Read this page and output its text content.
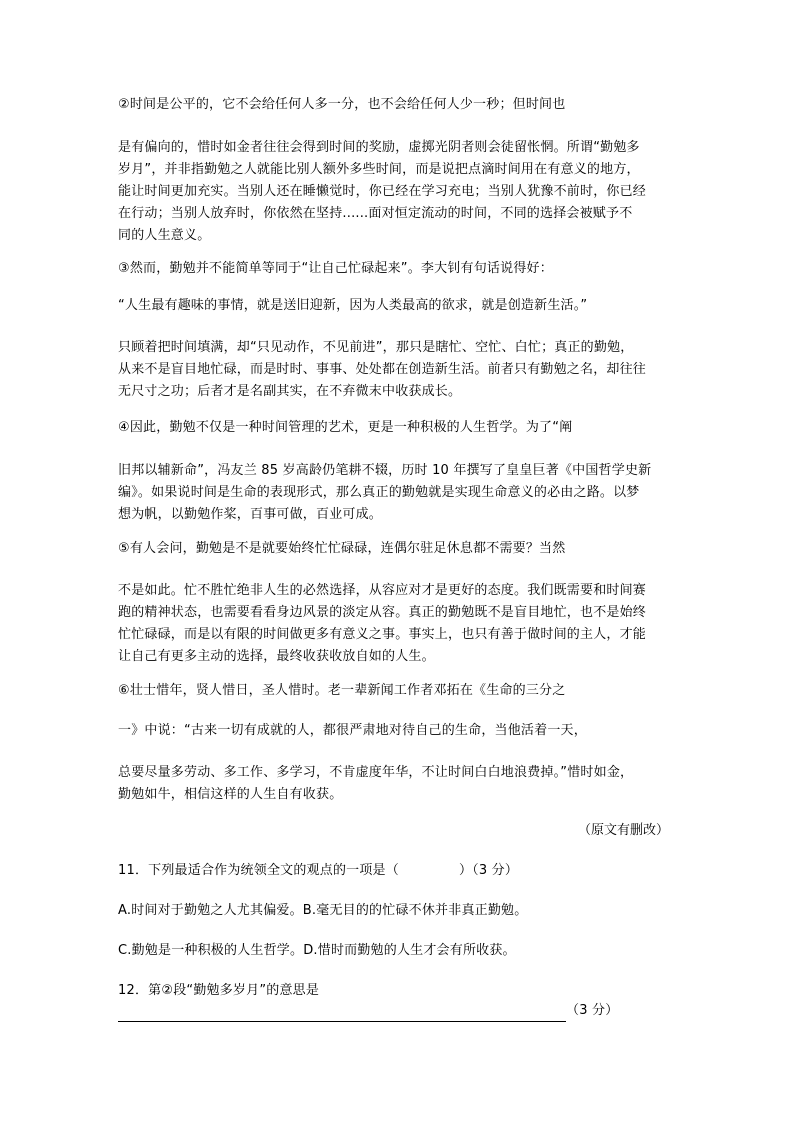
②时间是公平的，它不会给任何人多一分，也不会给任何人少一秒；但时间也
是有偏向的，惜时如金者往往会得到时间的奖励，虚掷光阴者则会徒留怅惘。所谓“勤勉多
岁月”，并非指勤勉之人就能比别人额外多些时间，而是说把点滴时间用在有意义的地方，
能让时间更加充实。当别人还在睡懒觉时，你已经在学习充电；当别人犹豫不前时，你已经
在行动；当别人放弃时，你依然在坚持......面对恒定流动的时间，不同的选择会被赋予不
同的人生意义。
③然而，勤勉并不能简单等同于“让自己忙碌起来”。李大钊有句话说得好：
“人生最有趣味的事情，就是送旧迎新，因为人类最高的欲求，就是创造新生活。”
只顾着把时间填满，却“只见动作，不见前进”，那只是瞎忙、空忙、白忙；真正的勤勉，
从来不是盲目地忙碌，而是时时、事事、处处都在创造新生活。前者只有勤勉之名，却往往
无尺寸之功；后者才是名副其实，在不弃微末中收获成长。
④因此，勤勉不仅是一种时间管理的艺术，更是一种积极的人生哲学。为了“阐
旧邦以辅新命”，冯友兰 85 岁高龄仍笔耕不辍，历时 10 年撰写了皇皇巨著《中国哲学史新
编》。如果说时间是生命的表现形式，那么真正的勤勉就是实现生命意义的必由之路。以梦
想为帆，以勤勉作桨，百事可做，百业可成。
⑤有人会问，勤勉是不是就要始终忙忙碌碌，连偶尔驻足休息都不需要？当然
不是如此。忙不胜忙绝非人生的必然选择，从容应对才是更好的态度。我们既需要和时间赛
跑的精神状态，也需要看看身边风景的淡定从容。真正的勤勉既不是盲目地忙，也不是始终
忙忙碌碌，而是以有限的时间做更多有意义之事。事实上，也只有善于做时间的主人，才能
让自己有更多主动的选择，最终收获收放自如的人生。
⑥壮士惜年，贤人惜日，圣人惜时。老一辈新闻工作者邓拓在《生命的三分之
一》中说：“古来一切有成就的人，都很严肃地对待自己的生命，当他活着一天，
总要尽量多劳动、多工作、多学习，不肯虚度年华，不让时间白白地浪费掉。”惜时如金，
勤勉如牛，相信这样的人生自有收获。
（原文有删改）
11．下列最适合作为统领全文的观点的一项是（	）（3 分）
A.时间对于勤勉之人尤其偏爱。B.毫无目的的忙碌不休并非真正勤勉。
C.勤勉是一种积极的人生哲学。D.惜时而勤勉的人生才会有所收获。
12．第②段“勤勉多岁月”的意思是
（3 分）
